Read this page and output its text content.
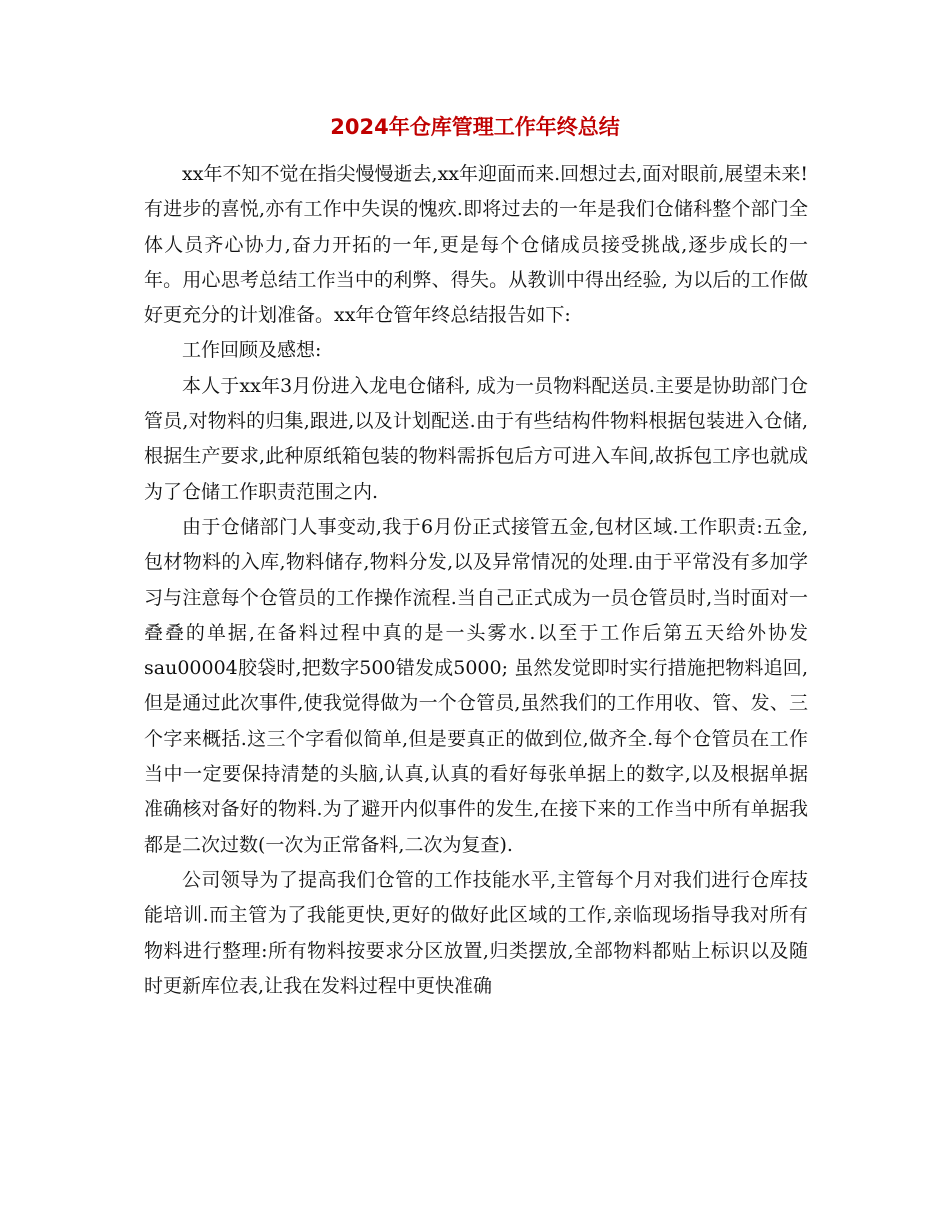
2024年仓库管理工作年终总结

xx年不知不觉在指尖慢慢逝去,xx年迎面而来.回想过去,面对眼前,展望未来!有进步的喜悦,亦有工作中失误的愧疚.即将过去的一年是我们仓储科整个部门全体人员齐心协力,奋力开拓的一年,更是每个仓储成员接受挑战,逐步成长的一年。用心思考总结工作当中的利弊、得失。从教训中得出经验, 为以后的工作做好更充分的计划准备。xx年仓管年终总结报告如下:

工作回顾及感想:

本人于xx年3月份进入龙电仓储科, 成为一员物料配送员.主要是协助部门仓管员,对物料的归集,跟进,以及计划配送.由于有些结构件物料根据包装进入仓储,根据生产要求,此种原纸箱包装的物料需拆包后方可进入车间,故拆包工序也就成为了仓储工作职责范围之内.

由于仓储部门人事变动,我于6月份正式接管五金,包材区域.工作职责:五金,包材物料的入库,物料储存,物料分发,以及异常情况的处理.由于平常没有多加学习与注意每个仓管员的工作操作流程.当自己正式成为一员仓管员时,当时面对一叠叠的单据,在备料过程中真的是一头雾水.以至于工作后第五天给外协发sau00004胶袋时,把数字500错发成5000; 虽然发觉即时实行措施把物料追回,但是通过此次事件,使我觉得做为一个仓管员,虽然我们的工作用收、管、发、三个字来概括.这三个字看似简单,但是要真正的做到位,做齐全.每个仓管员在工作当中一定要保持清楚的头脑,认真,认真的看好每张单据上的数字,以及根据单据准确核对备好的物料.为了避开内似事件的发生,在接下来的工作当中所有单据我都是二次过数(一次为正常备料,二次为复查).

公司领导为了提高我们仓管的工作技能水平,主管每个月对我们进行仓库技能培训.而主管为了我能更快,更好的做好此区域的工作,亲临现场指导我对所有物料进行整理:所有物料按要求分区放置,归类摆放,全部物料都贴上标识以及随时更新库位表,让我在发料过程中更快准确
